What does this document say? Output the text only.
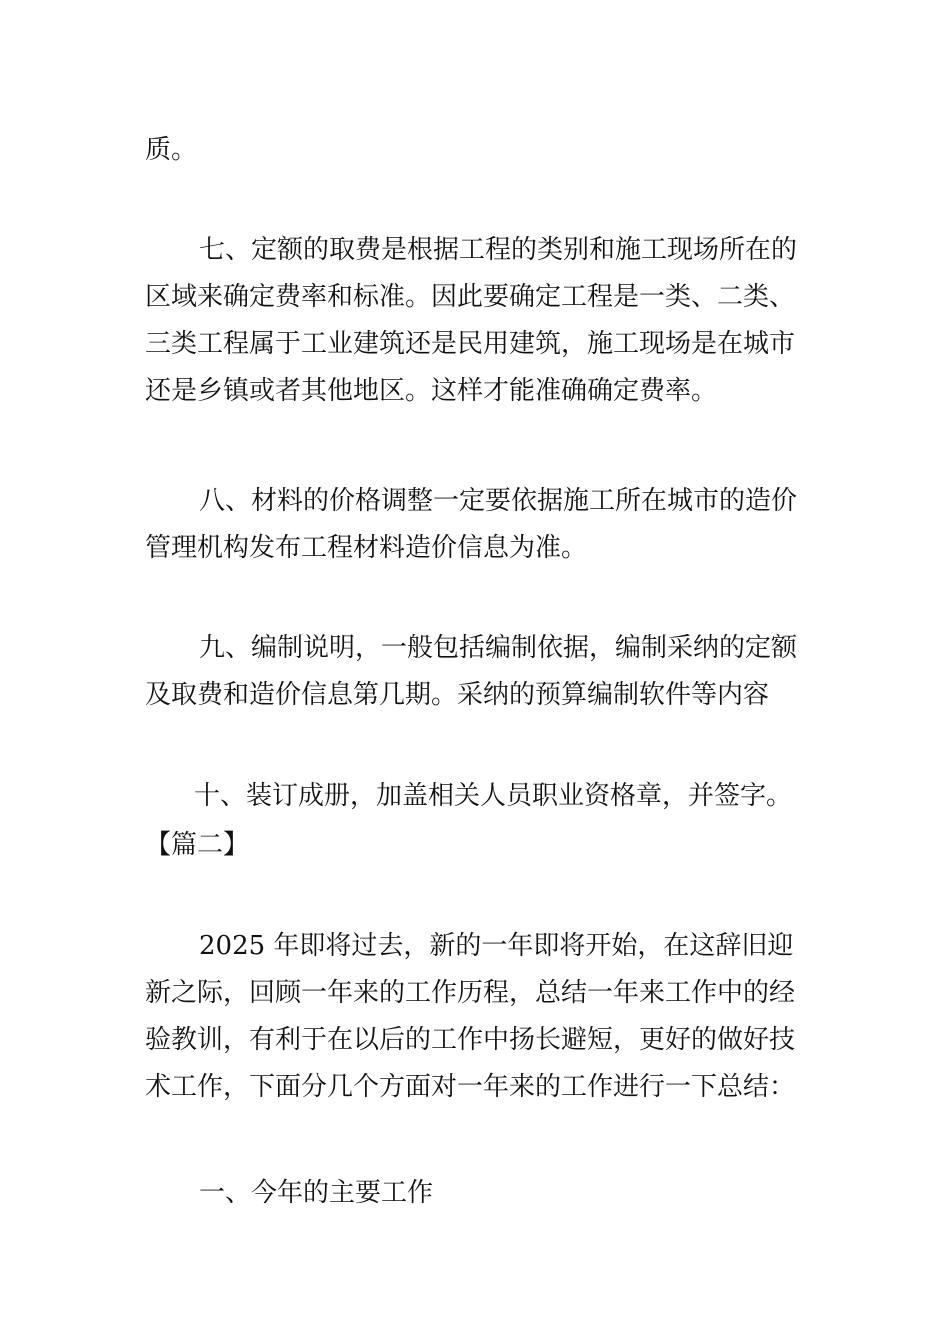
质。

七、定额的取费是根据工程的类别和施工现场所在的区域来确定费率和标准。因此要确定工程是一类、二类、三类工程属于工业建筑还是民用建筑，施工现场是在城市还是乡镇或者其他地区。这样才能准确确定费率。

八、材料的价格调整一定要依据施工所在城市的造价管理机构发布工程材料造价信息为准。

九、编制说明，一般包括编制依据，编制采纳的定额及取费和造价信息第几期。采纳的预算编制软件等内容

十、装订成册，加盖相关人员职业资格章，并签字。

【篇二】

2025 年即将过去，新的一年即将开始，在这辞旧迎新之际，回顾一年来的工作历程，总结一年来工作中的经验教训，有利于在以后的工作中扬长避短，更好的做好技术工作，下面分几个方面对一年来的工作进行一下总结：

一、今年的主要工作
